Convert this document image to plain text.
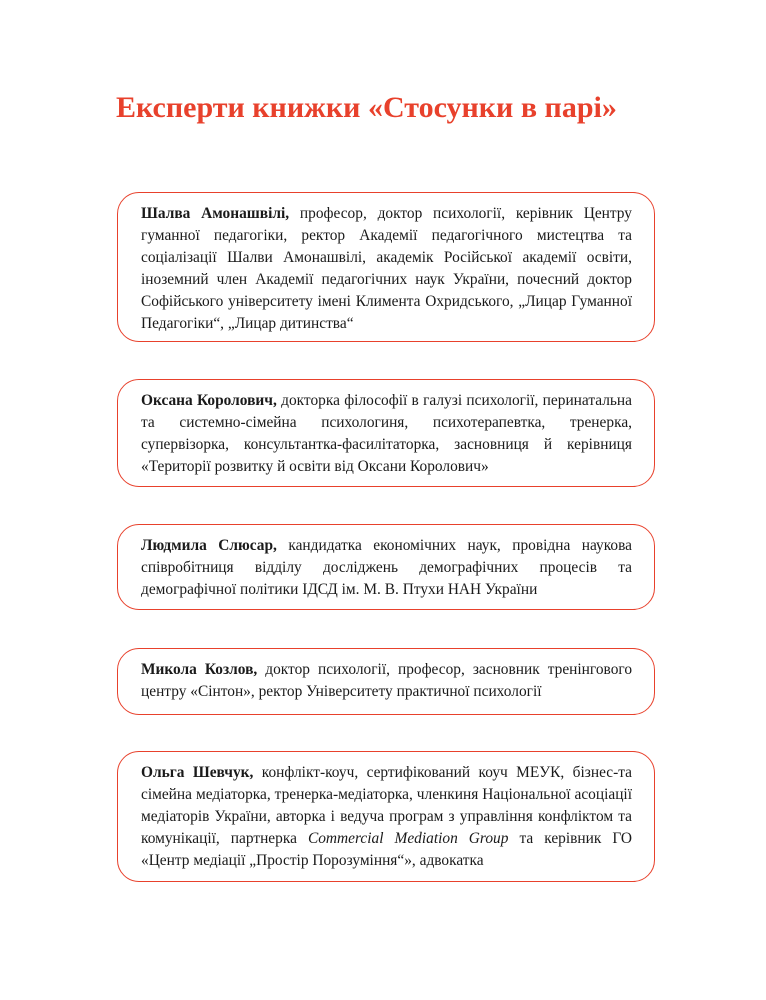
Експерти книжки «Стосунки в парі»
Шалва Амонашвілі, професор, доктор психології, керівник Центру гуманної педагогіки, ректор Академії педагогічного мистецтва та соціалізації Шалви Амонашвілі, академік Російської академії освіти, іноземний член Академії педагогічних наук України, почесний доктор Софійського університету імені Климента Охридського, „Лицар Гуманної Педагогіки“, „Лицар дитинства“
Оксана Королович, докторка філософії в галузі психології, перинатальна та системно-сімейна психологиня, психотерапевтка, тренерка, супервізорка, консультантка-фасилітаторка, засновниця й керівниця «Території розвитку й освіти від Оксани Королович»
Людмила Слюсар, кандидатка економічних наук, провідна наукова співробітниця відділу досліджень демографічних процесів та демографічної політики ІДСД ім. М. В. Птухи НАН України
Микола Козлов, доктор психології, професор, засновник тренінгового центру «Сінтон», ректор Університету практичної психології
Ольга Шевчук, конфлікт-коуч, сертифікований коуч МЕУК, бізнес-та сімейна медіаторка, тренерка-медіаторка, членкиня Національної асоціації медіаторів України, авторка і ведуча програм з управління конфліктом та комунікації, партнерка Commercial Mediation Group та керівник ГО «Центр медіації „Простір Порозуміння“», адвокатка
